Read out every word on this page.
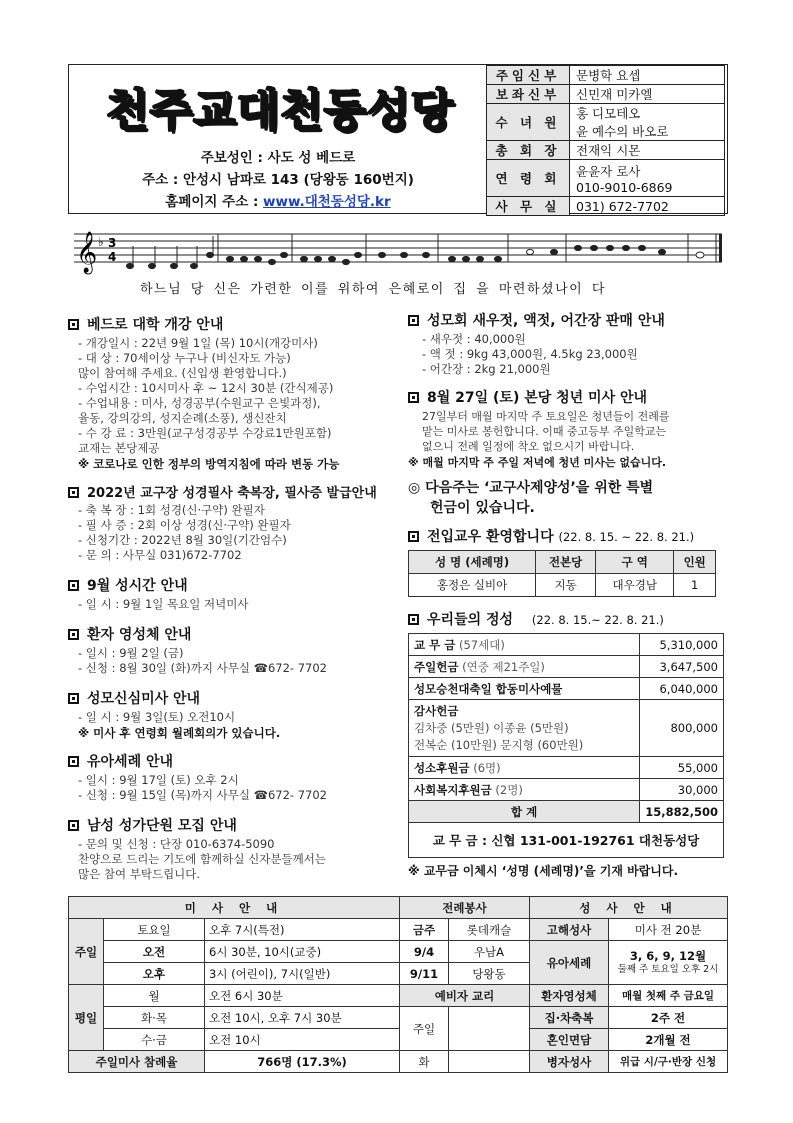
천주교대천동성당
주보성인 : 사도 성 베드로
주소 : 안성시 남파로 143 (당왕동 160번지)
홈페이지 주소 : www.대천동성당.kr
주임신부	문병학 요셉
보좌신부	신민재 미카엘
수 녀 원	홍 디모테오
윤 예수의 바오로

총 회 장	전재익 시몬
연 령 회	윤윤자 로사
010-9010-6869

사 무 실	031) 672-7702
𝄞 ♭ 3
4
하느님 당 신은 가련한 이를 위하여 은혜로이 집 을 마련하셨나이 다
베드로 대학 개강 안내
- 개강일시 : 22년 9월 1일 (목) 10시(개강미사)
- 대 상 : 70세이상 누구나 (비신자도 가능)
많이 참여해 주세요. (신입생 환영합니다.)
- 수업시간 : 10시미사 후 ~ 12시 30분 (간식제공)
- 수업내용 : 미사, 성경공부(수원교구 은빛과정),
율동, 강의강의, 성지순례(소풍), 생신잔치
- 수 강 료 : 3만원(교구성경공부 수강료1만원포함)
교재는 본당제공
※ 코로나로 인한 정부의 방역지침에 따라 변동 가능
2022년 교구장 성경필사 축복장, 필사증 발급안내
- 축 복 장 : 1회 성경(신·구약) 완필자
- 필 사 증 : 2회 이상 성경(신·구약) 완필자
- 신청기간 : 2022년 8월 30일(기간엄수)
- 문 의 : 사무실 031)672-7702
9월 성시간 안내
- 일 시 : 9월 1일 목요일 저녁미사
환자 영성체 안내
- 일시 : 9월 2일 (금)
- 신청 : 8월 30일 (화)까지 사무실 ☎672- 7702
성모신심미사 안내
- 일 시 : 9월 3일(토) 오전10시
※ 미사 후 연령회 월례회의가 있습니다.
유아세례 안내
- 일시 : 9월 17일 (토) 오후 2시
- 신청 : 9월 15일 (목)까지 사무실 ☎672- 7702
남성 성가단원 모집 안내
- 문의 및 신청 : 단장 010-6374-5090
찬양으로 드리는 기도에 함께하실 신자분들께서는
많은 참여 부탁드립니다.
성모회 새우젓, 액젓, 어간장 판매 안내
- 새우젓 : 40,000원
- 액 젓 : 9kg 43,000원, 4.5kg 23,000원
- 어간장 : 2kg 21,000원
8월 27일 (토) 본당 청년 미사 안내
27일부터 매월 마지막 주 토요일은 청년들이 전례를
맡는 미사로 봉헌합니다. 이때 중고등부 주일학교는
없으니 전례 일정에 착오 없으시기 바랍니다.
※ 매월 마지막 주 주일 저녁에 청년 미사는 없습니다.
◎ 다음주는 ‘교구사제양성’을 위한 특별
헌금이 있습니다.
전입교우 환영합니다 (22. 8. 15. ~ 22. 8. 21.)
성 명 (세례명)	전본당	구 역	인원
홍정은 실비아	지동	대우경남	1
우리들의 정성 (22. 8. 15.~ 22. 8. 21.)
교 무 금 (57세대)	5,310,000
주일헌금 (연중 제21주일)	3,647,500
성모승천대축일 합동미사예물	6,040,000
감사헌금
김차중 (5만원) 이종윤 (5만원)
전복순 (10만원) 문지형 (60만원)	800,000
성소후원금 (6명)	55,000
사회복지후원금 (2명)	30,000
합 계	15,882,500
교 무 금 : 신협 131-001-192761 대천동성당	
※ 교무금 이체시 ‘성명 (세례명)’을 기재 바랍니다.
미 사 안 내			전례봉사		성 사 안 내	
주일	토요일	오후 7시(특전)	금주	롯데캐슬	고해성사	미사 전 20분
	오전	6시 30분, 10시(교중)	9/4	우남A	유아세례	3, 6, 9, 12월
둘째 주 토요일 오후 2시

	오후	3시 (어린이), 7시(일반)	9/11	당왕동		
평일	월	오전 6시 30분	예비자 교리		환자영성체	매월 첫째 주 금요일
	화·목	오전 10시, 오후 7시 30분	주일		집·차축복	2주 전
	수·금	오전 10시			혼인면담	2개월 전
주일미사 참례율		766명 (17.3%)	화		병자성사	위급 시/구·반장 신청
